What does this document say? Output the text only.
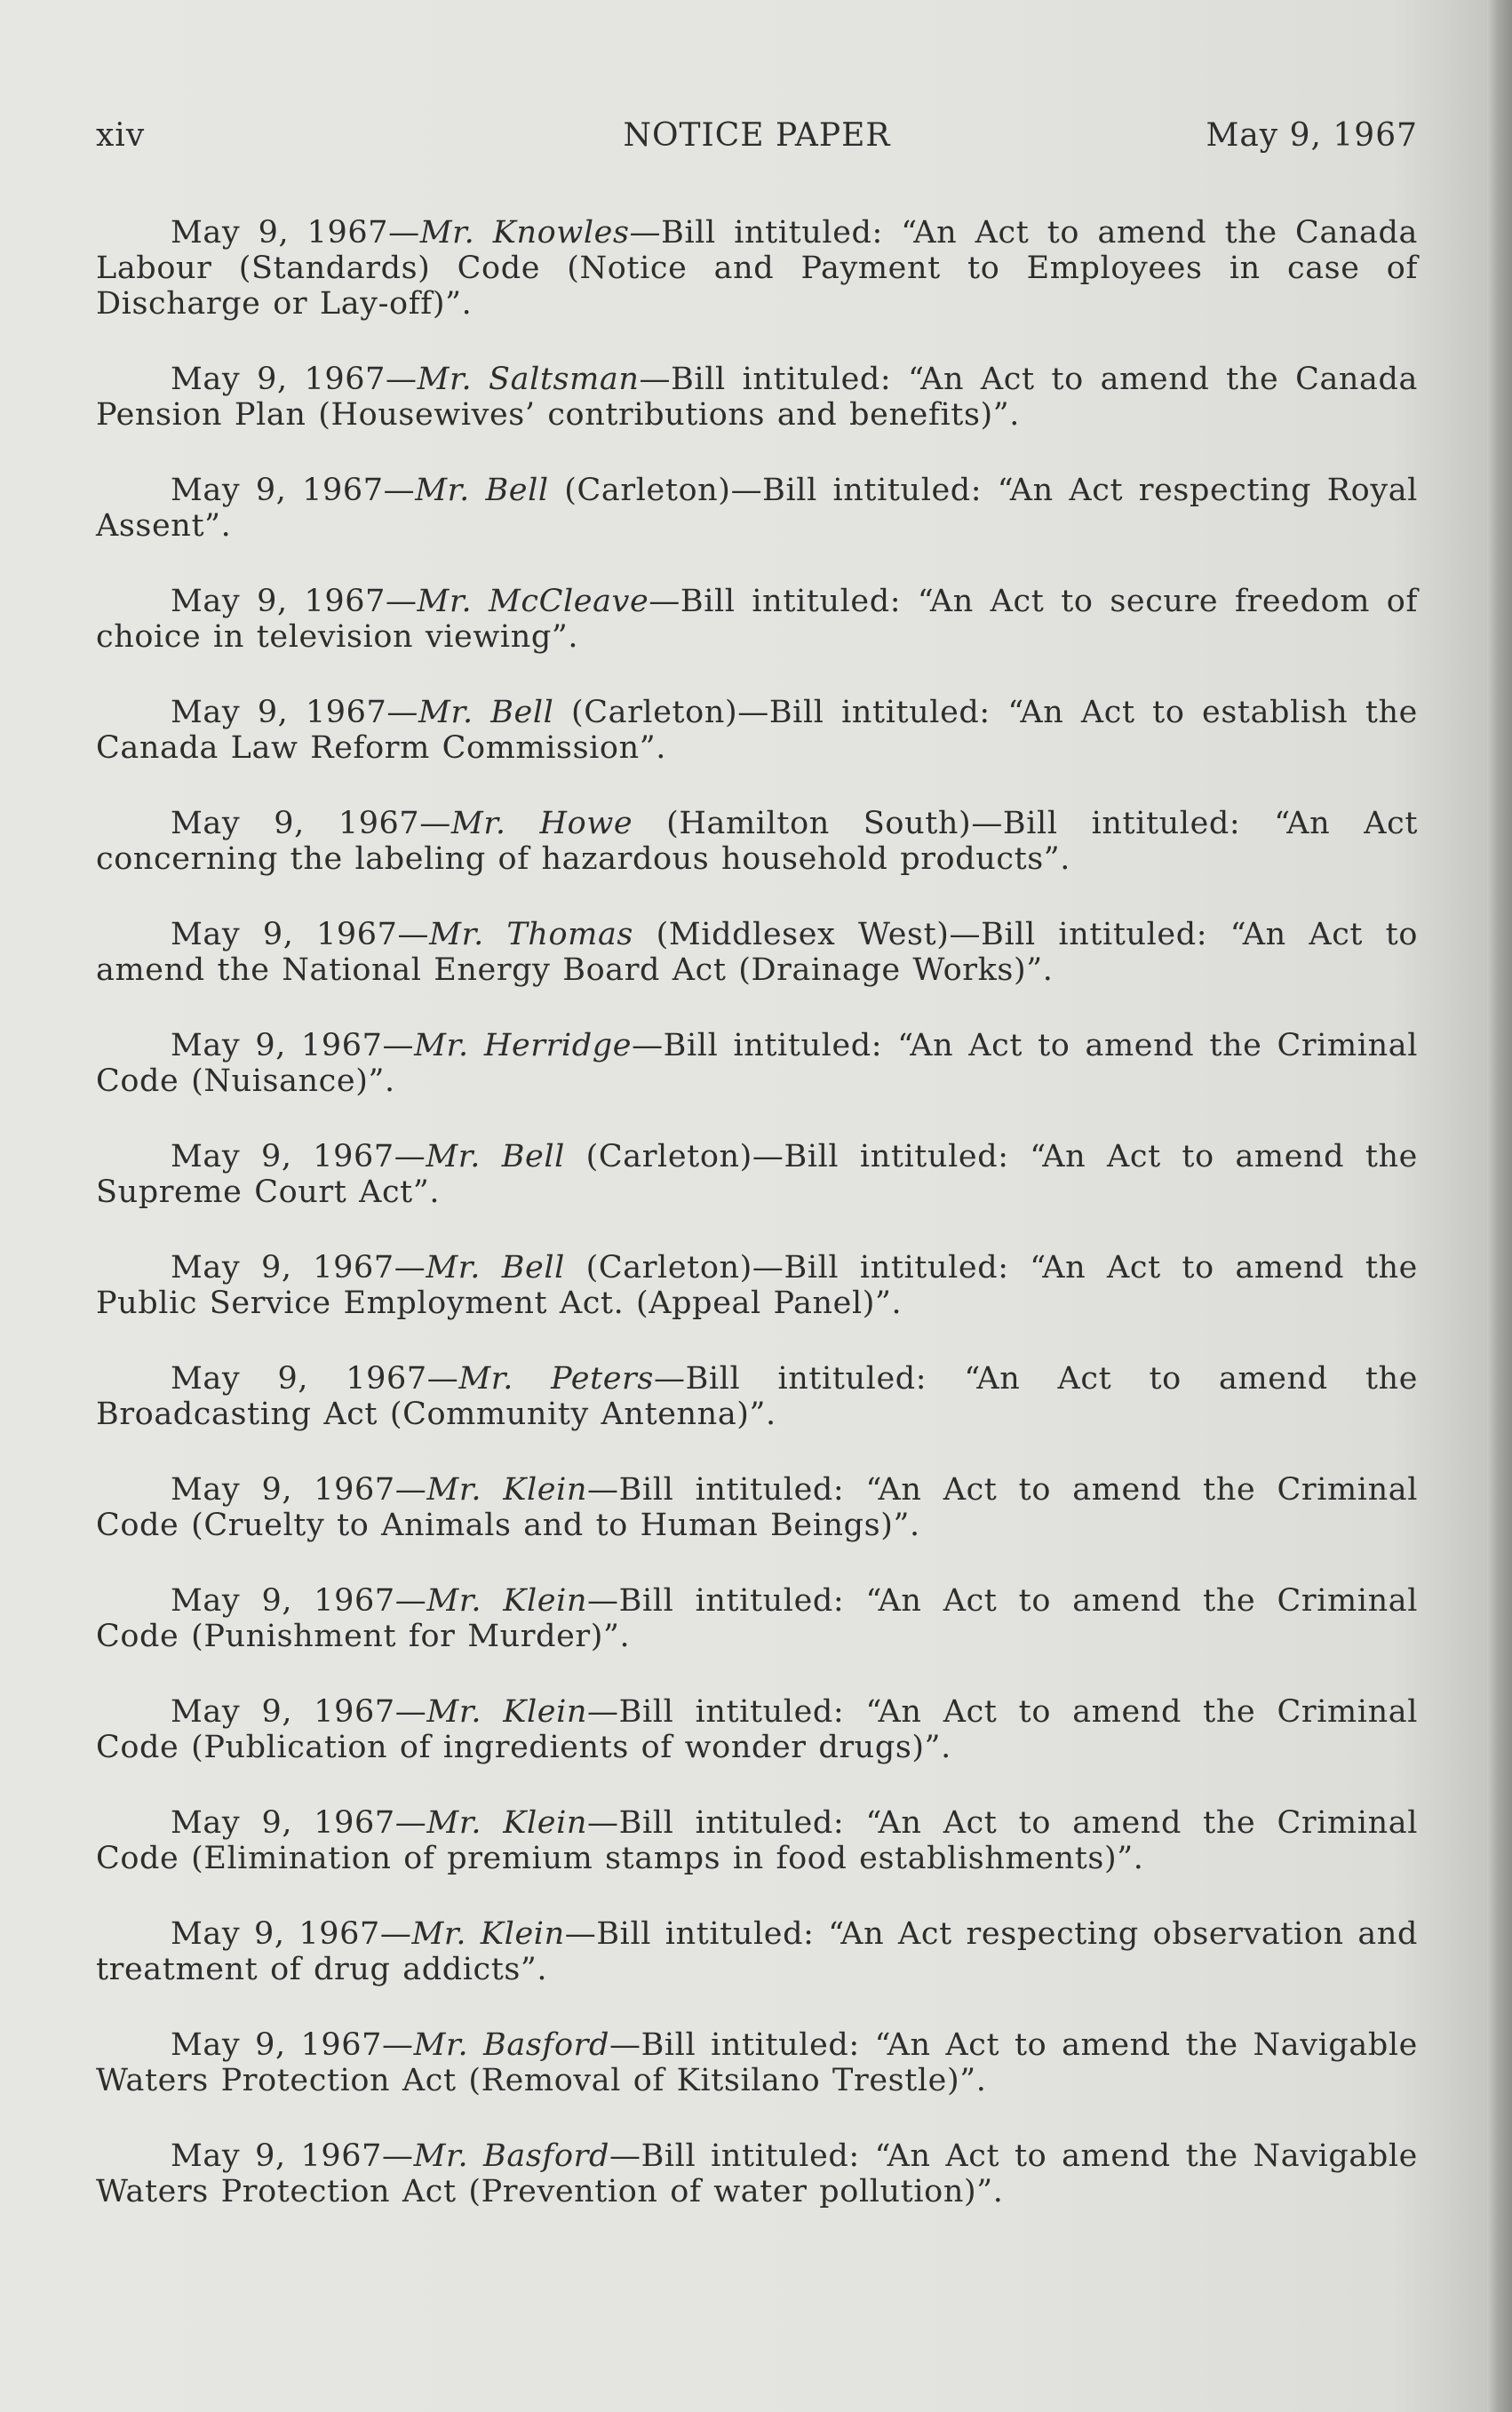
xiv	NOTICE PAPER	May 9, 1967

May 9, 1967—Mr. Knowles—Bill intituled: “An Act to amend the Canada Labour (Standards) Code (Notice and Payment to Employees in case of Discharge or Lay-off)”.

May 9, 1967—Mr. Saltsman—Bill intituled: “An Act to amend the Canada Pension Plan (Housewives’ contributions and benefits)”.

May 9, 1967—Mr. Bell (Carleton)—Bill intituled: “An Act respecting Royal Assent”.

May 9, 1967—Mr. McCleave—Bill intituled: “An Act to secure freedom of choice in television viewing”.

May 9, 1967—Mr. Bell (Carleton)—Bill intituled: “An Act to establish the Canada Law Reform Commission”.

May 9, 1967—Mr. Howe (Hamilton South)—Bill intituled: “An Act concerning the labeling of hazardous household products”.

May 9, 1967—Mr. Thomas (Middlesex West)—Bill intituled: “An Act to amend the National Energy Board Act (Drainage Works)”.

May 9, 1967—Mr. Herridge—Bill intituled: “An Act to amend the Criminal Code (Nuisance)”.

May 9, 1967—Mr. Bell (Carleton)—Bill intituled: “An Act to amend the Supreme Court Act”.

May 9, 1967—Mr. Bell (Carleton)—Bill intituled: “An Act to amend the Public Service Employment Act. (Appeal Panel)”.

May 9, 1967—Mr. Peters—Bill intituled: “An Act to amend the Broadcasting Act (Community Antenna)”.

May 9, 1967—Mr. Klein—Bill intituled: “An Act to amend the Criminal Code (Cruelty to Animals and to Human Beings)”.

May 9, 1967—Mr. Klein—Bill intituled: “An Act to amend the Criminal Code (Punishment for Murder)”.

May 9, 1967—Mr. Klein—Bill intituled: “An Act to amend the Criminal Code (Publication of ingredients of wonder drugs)”.

May 9, 1967—Mr. Klein—Bill intituled: “An Act to amend the Criminal Code (Elimination of premium stamps in food establishments)”.

May 9, 1967—Mr. Klein—Bill intituled: “An Act respecting observation and treatment of drug addicts”.

May 9, 1967—Mr. Basford—Bill intituled: “An Act to amend the Navigable Waters Protection Act (Removal of Kitsilano Trestle)”.

May 9, 1967—Mr. Basford—Bill intituled: “An Act to amend the Navigable Waters Protection Act (Prevention of water pollution)”.
